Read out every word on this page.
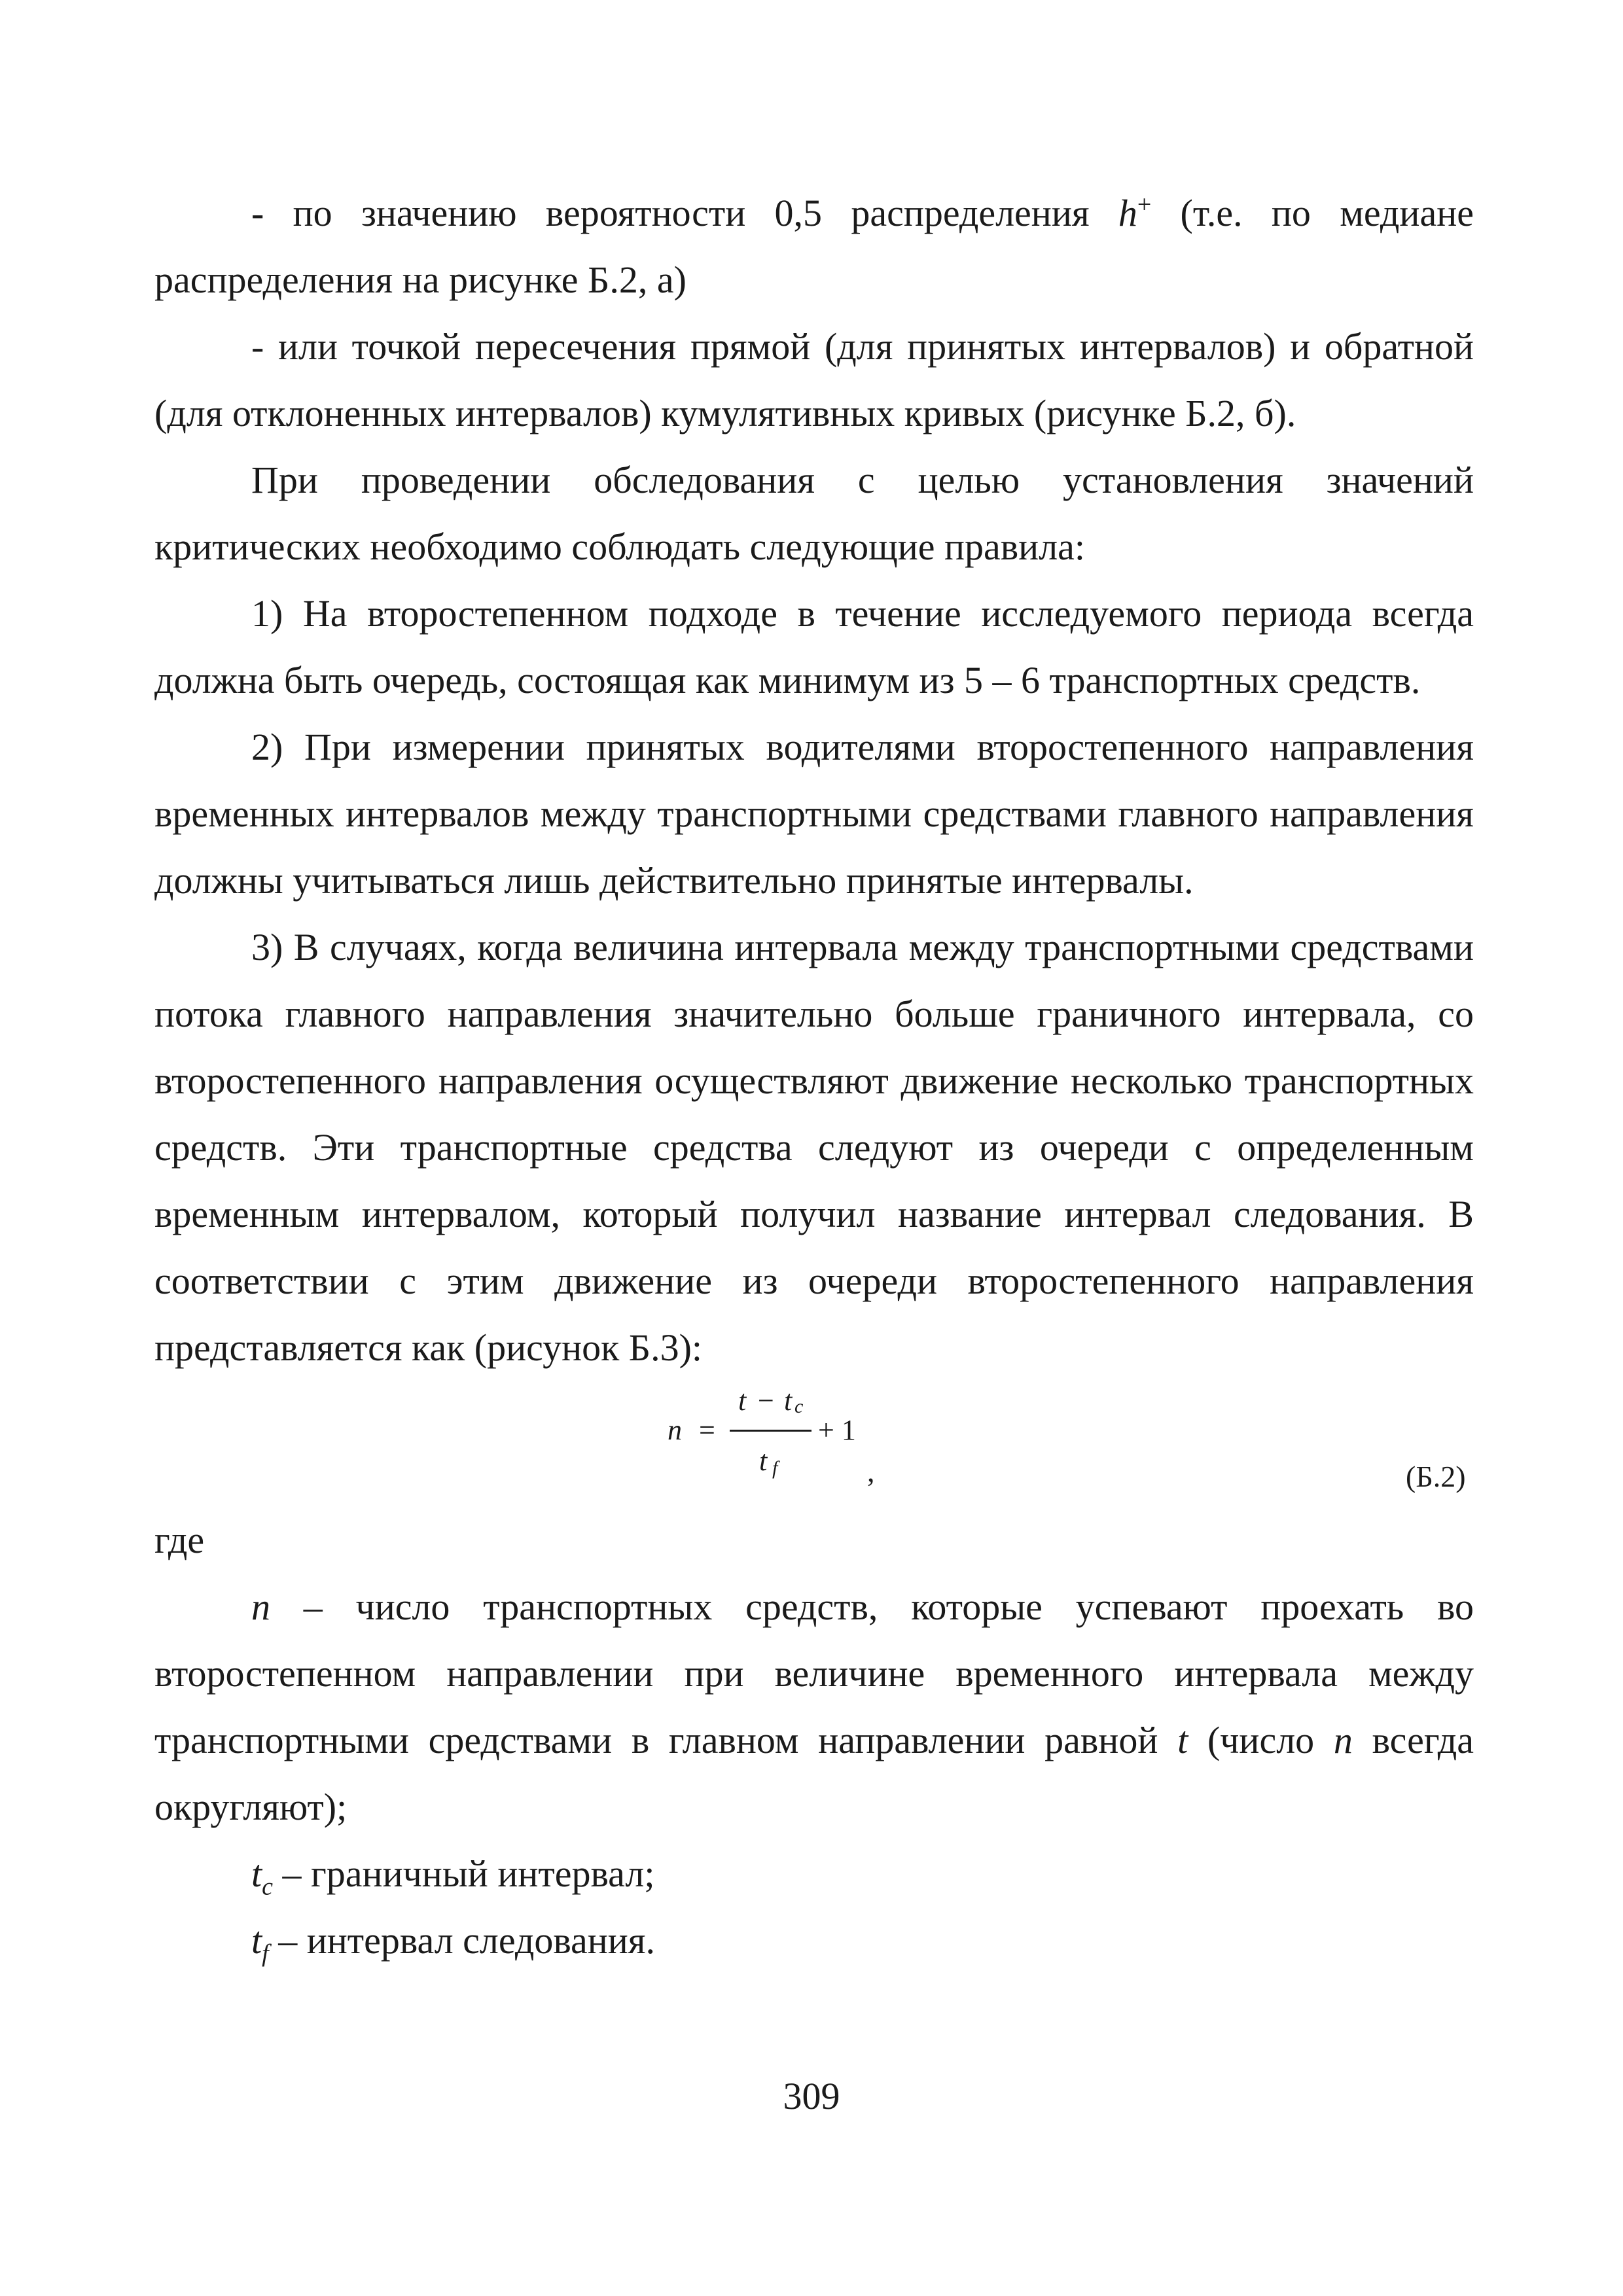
- по значению вероятности 0,5 распределения h+ (т.е. по медиане распределения на рисунке Б.2, а)

- или точкой пересечения прямой (для принятых интервалов) и обратной (для отклоненных интервалов) кумулятивных кривых (рисунке Б.2, б).

При проведении обследования с целью установления значений критических необходимо соблюдать следующие правила:

1) На второстепенном подходе в течение исследуемого периода всегда должна быть очередь, состоящая как минимум из 5 – 6 транспортных средств.

2) При измерении принятых водителями второстепенного направления временных интервалов между транспортными средствами главного направления должны учитываться лишь действительно принятые интервалы.

3) В случаях, когда величина интервала между транспортными средствами потока главного направления значительно больше граничного интервала, со второстепенного направления осуществляют движение несколько транспортных средств. Эти транспортные средства следуют из очереди с определенным временным интервалом, который получил название интервал следования. В соответствии с этим движение из очереди второстепенного направления представляется как (рисунок Б.3):

n =
t − t c
+ 1
t f	,	(Б.2)
где

n – число транспортных средств, которые успевают проехать во второстепенном направлении при величине временного интервала между транспортными средствами в главном направлении равной t (число n всегда округляют);

$t_c$ – граничный интервал;

$t_f$ – интервал следования.

309
